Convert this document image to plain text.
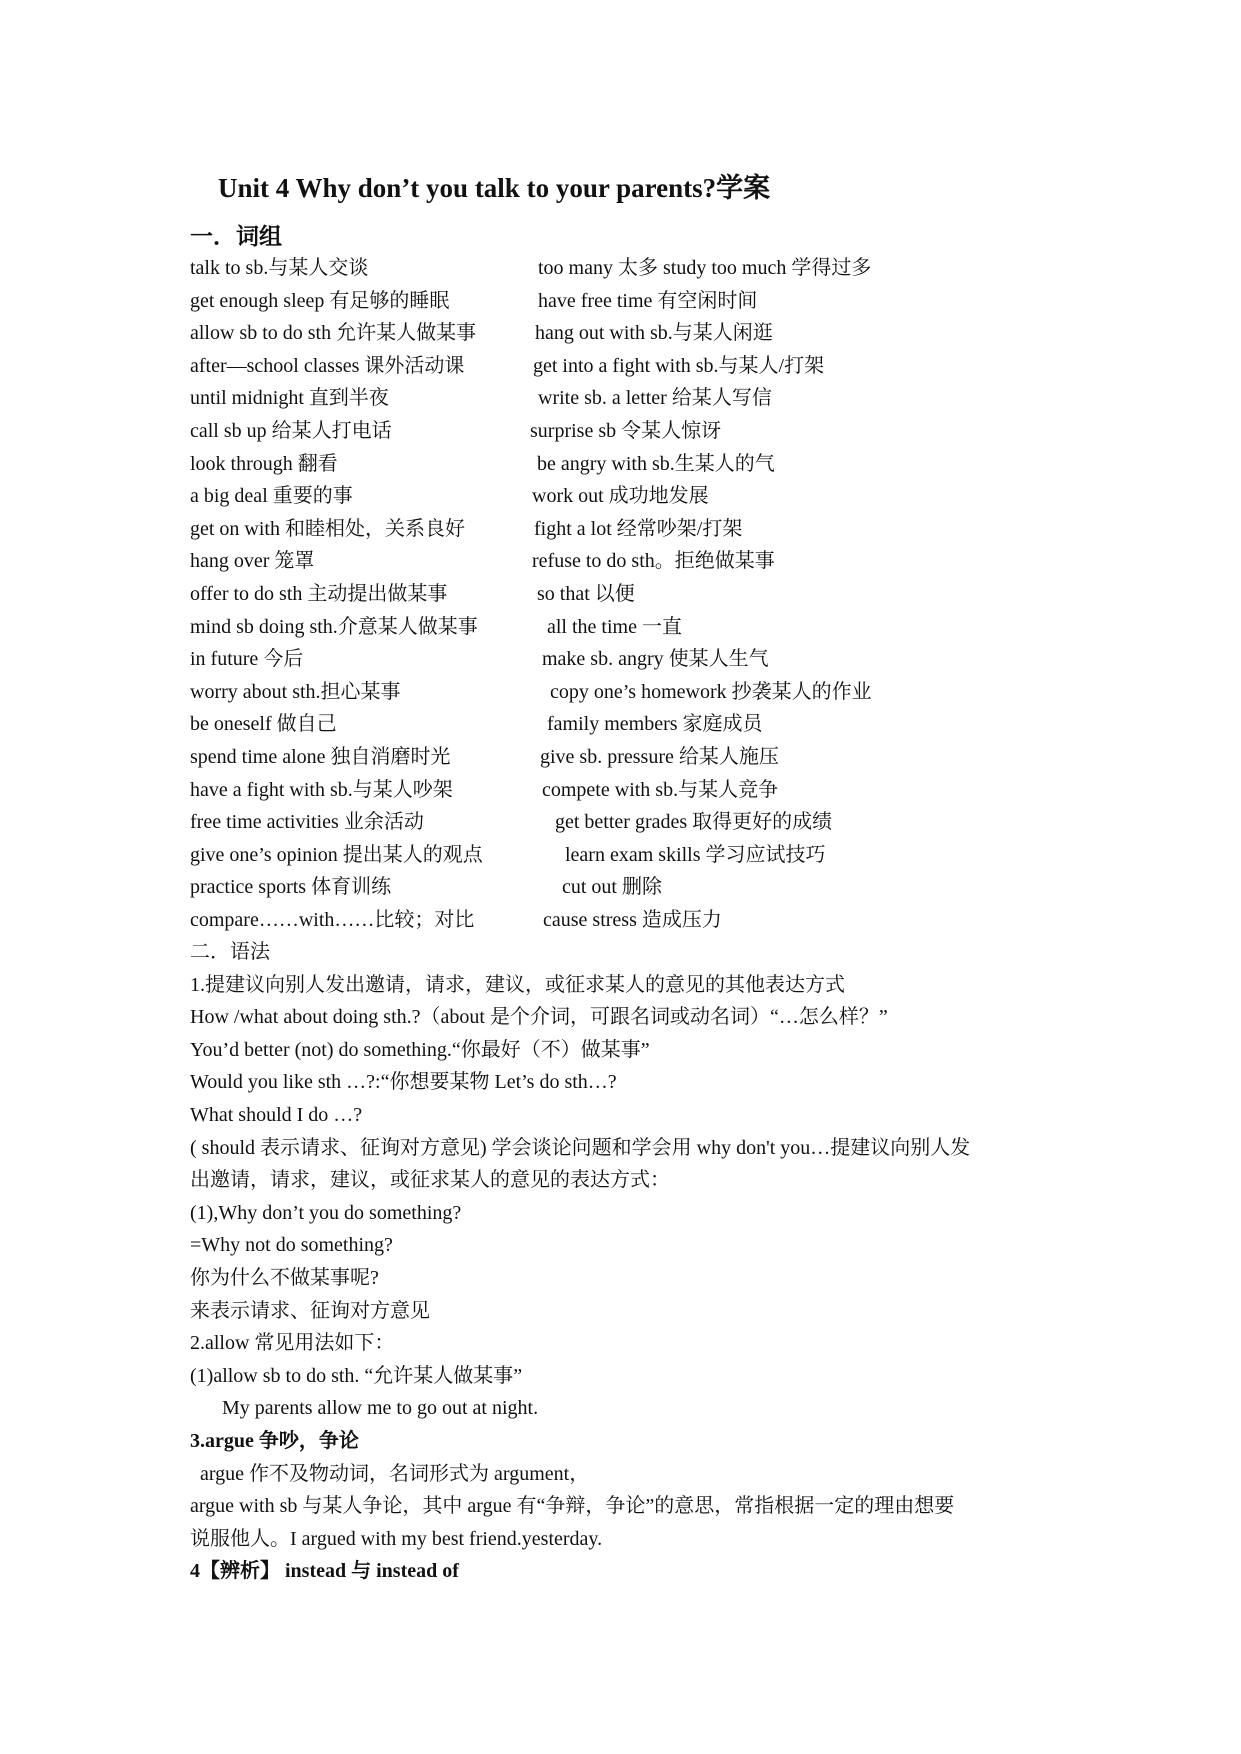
Unit 4 Why don’t you talk to your parents?学案
一．词组
talk to sb.与某人交谈	too many 太多 study too much 学得过多
get enough sleep 有足够的睡眠	have free time 有空闲时间
allow sb to do sth 允许某人做某事	hang out with sb.与某人闲逛
after—school classes 课外活动课	get into a fight with sb.与某人/打架
until midnight 直到半夜	write sb. a letter 给某人写信
call sb up 给某人打电话	surprise sb 令某人惊讶
look through 翻看	be angry with sb.生某人的气
a big deal 重要的事	work out 成功地发展
get on with 和睦相处，关系良好	fight a lot 经常吵架/打架
hang over 笼罩	refuse to do sth。拒绝做某事
offer to do sth 主动提出做某事	so that 以便
mind sb doing sth.介意某人做某事	all the time 一直
in future 今后	make sb. angry 使某人生气
worry about sth.担心某事	copy one’s homework 抄袭某人的作业
be oneself 做自己	family members 家庭成员
spend time alone 独自消磨时光	give sb. pressure 给某人施压
have a fight with sb.与某人吵架	compete with sb.与某人竞争
free time activities 业余活动	get better grades 取得更好的成绩
give one’s opinion 提出某人的观点	learn exam skills 学习应试技巧
practice sports 体育训练	cut out 删除
compare……with……比较；对比	cause stress 造成压力
二．语法
1.提建议向别人发出邀请，请求，建议，或征求某人的意见的其他表达方式
How /what about doing sth.?（about 是个介词，可跟名词或动名词）“…怎么样？”
You’d better (not) do something.“你最好（不）做某事”
Would you like sth …?:“你想要某物 Let’s do sth…?
What should I do …?
( should 表示请求、征询对方意见) 学会谈论问题和学会用 why don't you…提建议向别人发
出邀请，请求，建议，或征求某人的意见的表达方式：
(1),Why don’t you do something?
=Why not do something?
你为什么不做某事呢?
来表示请求、征询对方意见
2.allow 常见用法如下：
(1)allow sb to do sth. “允许某人做某事”
My parents allow me to go out at night.
3.argue 争吵，争论
argue 作不及物动词，名词形式为 argument，
argue with sb 与某人争论，其中 argue 有“争辩，争论”的意思，常指根据一定的理由想要
说服他人。I argued with my best friend.yesterday.
4【辨析】 instead 与 instead of
